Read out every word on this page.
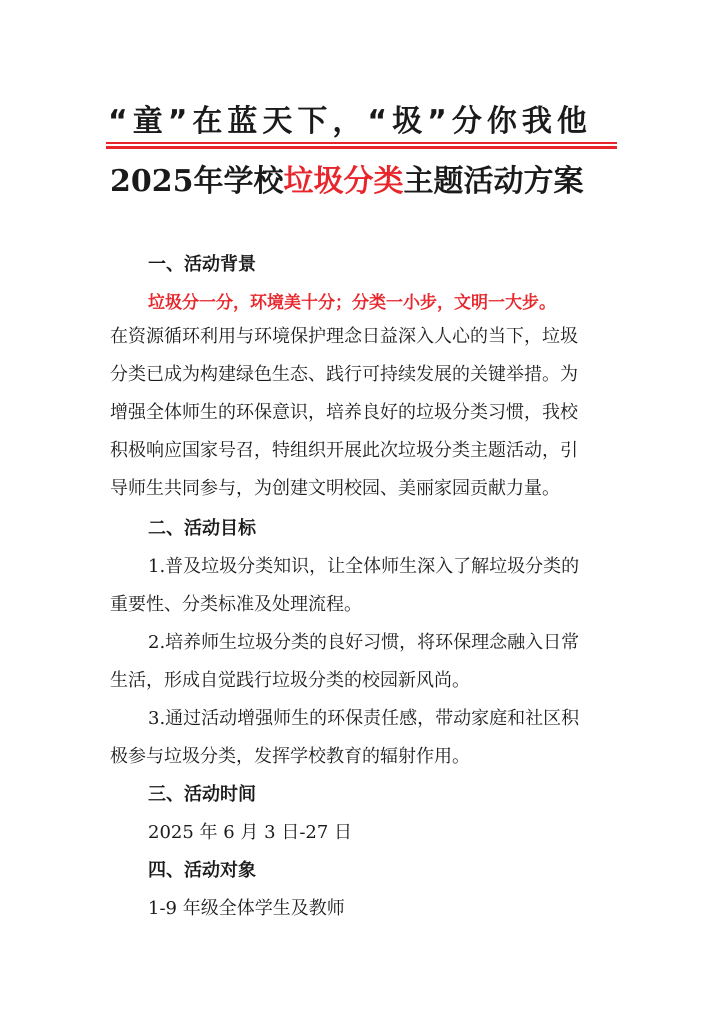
“童”在蓝天下，“圾”分你我他
2025年学校垃圾分类主题活动方案
一、活动背景
垃圾分一分，环境美十分；分类一小步，文明一大步。
在资源循环利用与环境保护理念日益深入人心的当下，垃圾
分类已成为构建绿色生态、践行可持续发展的关键举措。为
增强全体师生的环保意识，培养良好的垃圾分类习惯，我校
积极响应国家号召，特组织开展此次垃圾分类主题活动，引
导师生共同参与，为创建文明校园、美丽家园贡献力量。
二、活动目标
1.普及垃圾分类知识，让全体师生深入了解垃圾分类的
重要性、分类标准及处理流程。
2.培养师生垃圾分类的良好习惯，将环保理念融入日常
生活，形成自觉践行垃圾分类的校园新风尚。
3.通过活动增强师生的环保责任感，带动家庭和社区积
极参与垃圾分类，发挥学校教育的辐射作用。
三、活动时间
2025 年 6 月 3 日-27 日
四、活动对象
1-9 年级全体学生及教师
